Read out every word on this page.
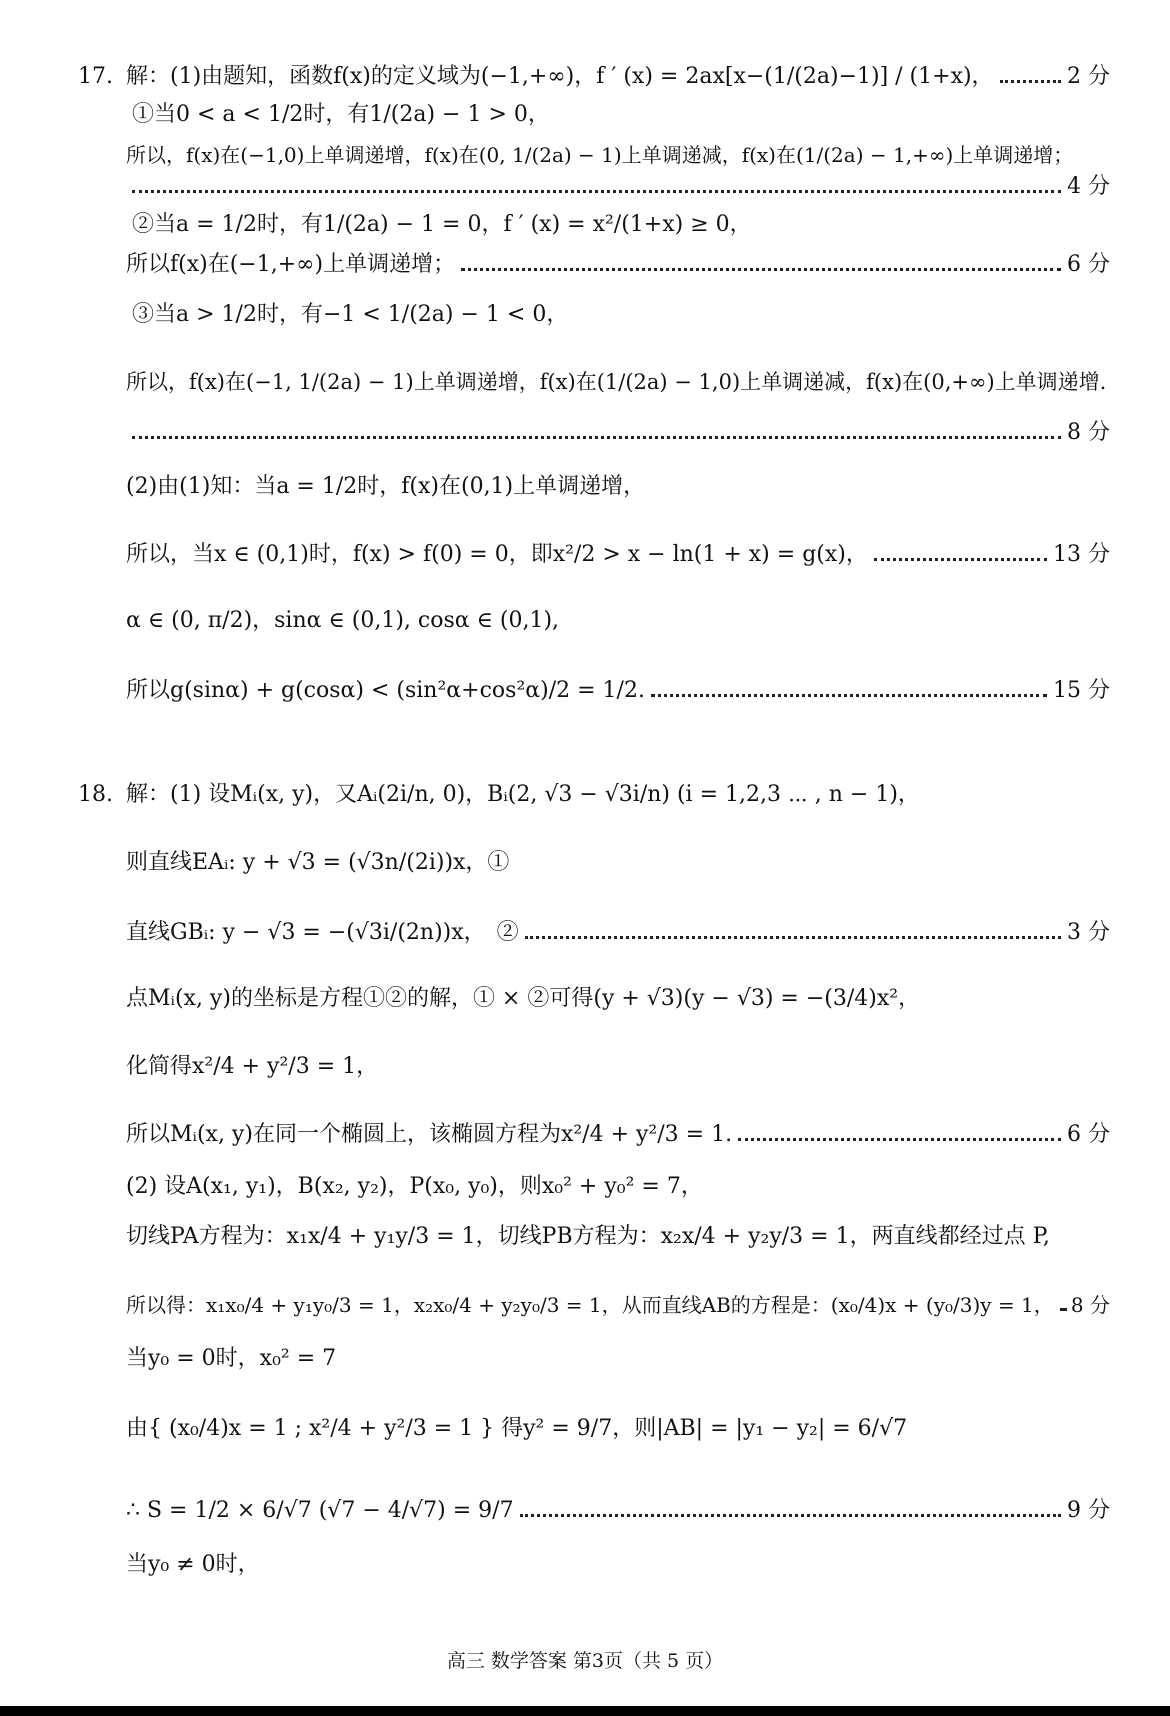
17. 解：(1)由题知，函数f(x)的定义域为(−1,+∞)，f ′ (x) = 2ax[x−(1/(2a)−1)] / (1+x)，	2 分
①当0 < a < 1/2时，有1/(2a) − 1 > 0，
所以，f(x)在(−1,0)上单调递增，f(x)在(0, 1/(2a) − 1)上单调递减，f(x)在(1/(2a) − 1,+∞)上单调递增；
4 分
②当a = 1/2时，有1/(2a) − 1 = 0，f ′ (x) = x²/(1+x) ≥ 0，
所以f(x)在(−1,+∞)上单调递增；	6 分
③当a > 1/2时，有−1 < 1/(2a) − 1 < 0，
所以，f(x)在(−1, 1/(2a) − 1)上单调递增，f(x)在(1/(2a) − 1,0)上单调递减，f(x)在(0,+∞)上单调递增.
8 分
(2)由(1)知：当a = 1/2时，f(x)在(0,1)上单调递增，
所以，当x ∈ (0,1)时，f(x) > f(0) = 0，即x²/2 > x − ln(1 + x) = g(x)，	13 分
α ∈ (0, π/2)，sinα ∈ (0,1), cosα ∈ (0,1),
所以g(sinα) + g(cosα) < (sin²α+cos²α)/2 = 1/2.	15 分
18. 解：(1) 设Mᵢ(x, y)，又Aᵢ(2i/n, 0)，Bᵢ(2, √3 − √3i/n) (i = 1,2,3 ⋯ , n − 1)，
则直线EAᵢ: y + √3 = (√3n/(2i))x，①
直线GBᵢ: y − √3 = −(√3i/(2n))x，　②	3 分
点Mᵢ(x, y)的坐标是方程①②的解，① × ②可得(y + √3)(y − √3) = −(3/4)x²，
化简得x²/4 + y²/3 = 1，
所以Mᵢ(x, y)在同一个椭圆上，该椭圆方程为x²/4 + y²/3 = 1.	6 分
(2) 设A(x₁, y₁)，B(x₂, y₂)，P(x₀, y₀)，则x₀² + y₀² = 7，
切线PA方程为：x₁x/4 + y₁y/3 = 1，切线PB方程为：x₂x/4 + y₂y/3 = 1，两直线都经过点 P,
所以得：x₁x₀/4 + y₁y₀/3 = 1，x₂x₀/4 + y₂y₀/3 = 1，从而直线AB的方程是：(x₀/4)x + (y₀/3)y = 1， 8 分
当y₀ = 0时，x₀² = 7
由{ (x₀/4)x = 1 ; x²/4 + y²/3 = 1 } 得y² = 9/7，则|AB| = |y₁ − y₂| = 6/√7
∴ S = 1/2 × 6/√7 (√7 − 4/√7) = 9/7	9 分
当y₀ ≠ 0时，
高三 数学答案 第3页（共 5 页）
